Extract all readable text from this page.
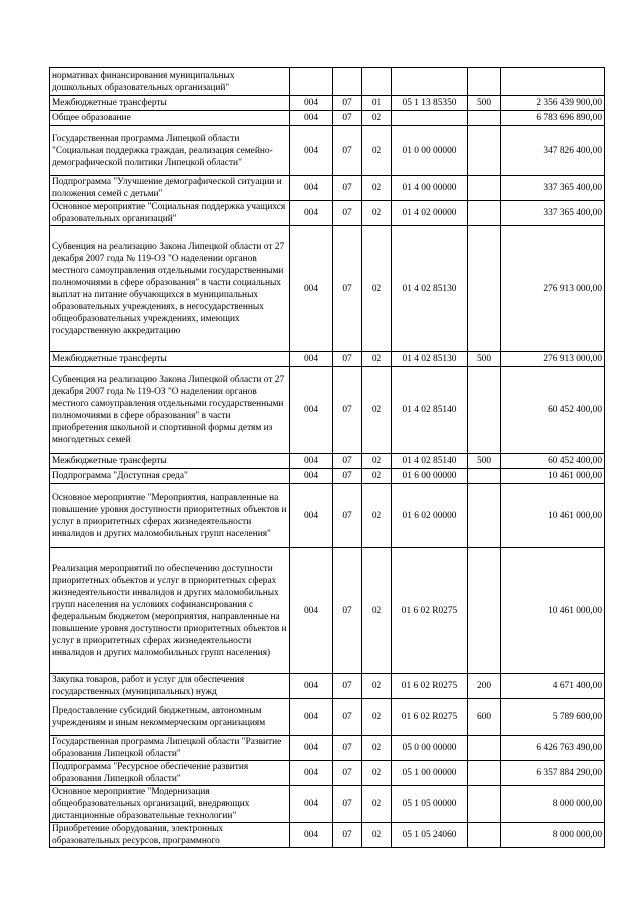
нормативах финансирования муниципальных дошкольных образовательных организаций"						
Межбюджетные трансферты	004	07	01	05 1 13 85350	500	2 356 439 900,00
Общее образование	004	07	02			6 783 696 890,00
Государственная программа Липецкой области "Социальная поддержка граждан, реализация семейно-демографической политики Липецкой области"	004	07	02	01 0 00 00000		347 826 400,00
Подпрограмма "Улучшение демографической ситуации и положения семей с детьми"	004	07	02	01 4 00 00000		337 365 400,00
Основное мероприятие "Социальная поддержка учащихся образовательных организаций"	004	07	02	01 4 02 00000		337 365 400,00
Субвенция на реализацию Закона Липецкой области от 27 декабря 2007 года № 119-ОЗ "О наделении органов местного самоуправления отдельными государственными полномочиями в сфере образования" в части социальных выплат на питание обучающихся в муниципальных образовательных учреждениях, в негосударственных общеобразовательных учреждениях, имеющих государственную аккредитацию	004	07	02	01 4 02 85130		276 913 000,00
Межбюджетные трансферты	004	07	02	01 4 02 85130	500	276 913 000,00
Субвенция на реализацию Закона Липецкой области от 27 декабря 2007 года № 119-ОЗ "О наделении органов местного самоуправления отдельными государственными полномочиями в сфере образования" в части приобретения школьной и спортивной формы детям из многодетных семей	004	07	02	01 4 02 85140		60 452 400,00
Межбюджетные трансферты	004	07	02	01 4 02 85140	500	60 452 400,00
Подпрограмма "Доступная среда"	004	07	02	01 6 00 00000		10 461 000,00
Основное мероприятие "Мероприятия, направленные на повышение уровня доступности приоритетных объектов и услуг в приоритетных сферах жизнедеятельности инвалидов и других маломобильных групп населения"	004	07	02	01 6 02 00000		10 461 000,00
Реализация мероприятий по обеспечению доступности приоритетных объектов и услуг в приоритетных сферах жизнедеятельности инвалидов и других маломобильных групп населения на условиях софинансирования с федеральным бюджетом (мероприятия, направленные на повышение уровня доступности приоритетных объектов и услуг в приоритетных сферах жизнедеятельности инвалидов и других маломобильных групп населения)	004	07	02	01 6 02 R0275		10 461 000,00
Закупка товаров, работ и услуг для обеспечения государственных (муниципальных) нужд	004	07	02	01 6 02 R0275	200	4 671 400,00
Предоставление субсидий бюджетным, автономным учреждениям и иным некоммерческим организациям	004	07	02	01 6 02 R0275	600	5 789 600,00
Государственная программа Липецкой области "Развитие образования Липецкой области"	004	07	02	05 0 00 00000		6 426 763 490,00
Подпрограмма "Ресурсное обеспечение развития образования Липецкой области"	004	07	02	05 1 00 00000		6 357 884 290,00
Основное мероприятие "Модернизация общеобразовательных организаций, внедряющих дистанционные образовательные технологии"	004	07	02	05 1 05 00000		8 000 000,00
Приобретение оборудования, электронных образовательных ресурсов, программного	004	07	02	05 1 05 24060		8 000 000,00
